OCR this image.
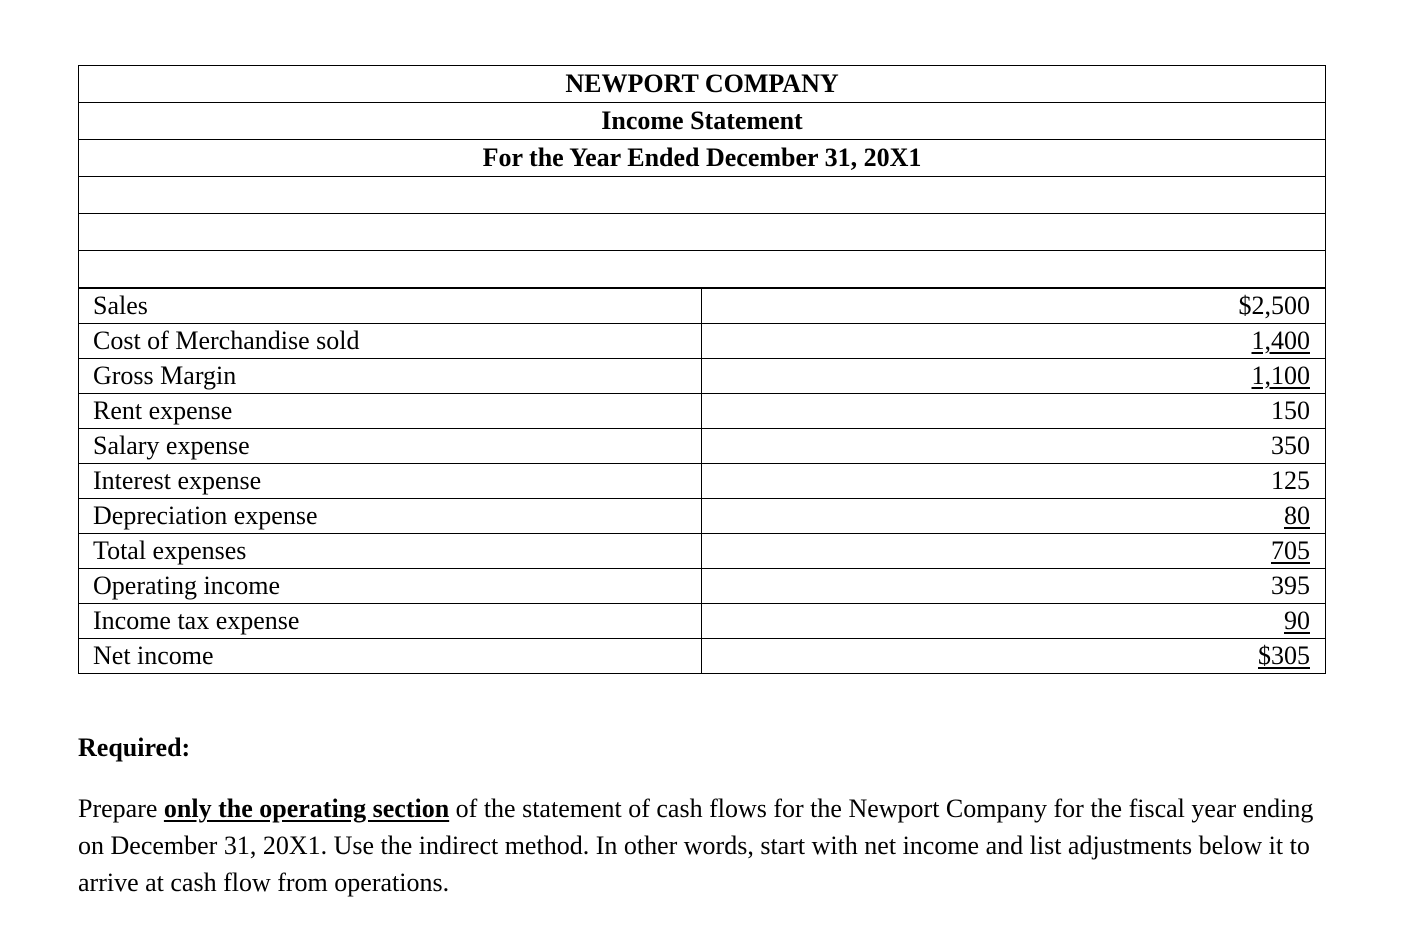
NEWPORT COMPANY
Income Statement
For the Year Ended December 31, 20X1

Sales	$2,500
Cost of Merchandise sold	1,400
Gross Margin	1,100
Rent expense	150
Salary expense	350
Interest expense	125
Depreciation expense	80
Total expenses	705
Operating income	395
Income tax expense	90
Net income	$305

Required:

Prepare only the operating section of the statement of cash flows for the Newport Company for the fiscal year ending on December 31, 20X1. Use the indirect method. In other words, start with net income and list adjustments below it to arrive at cash flow from operations.
